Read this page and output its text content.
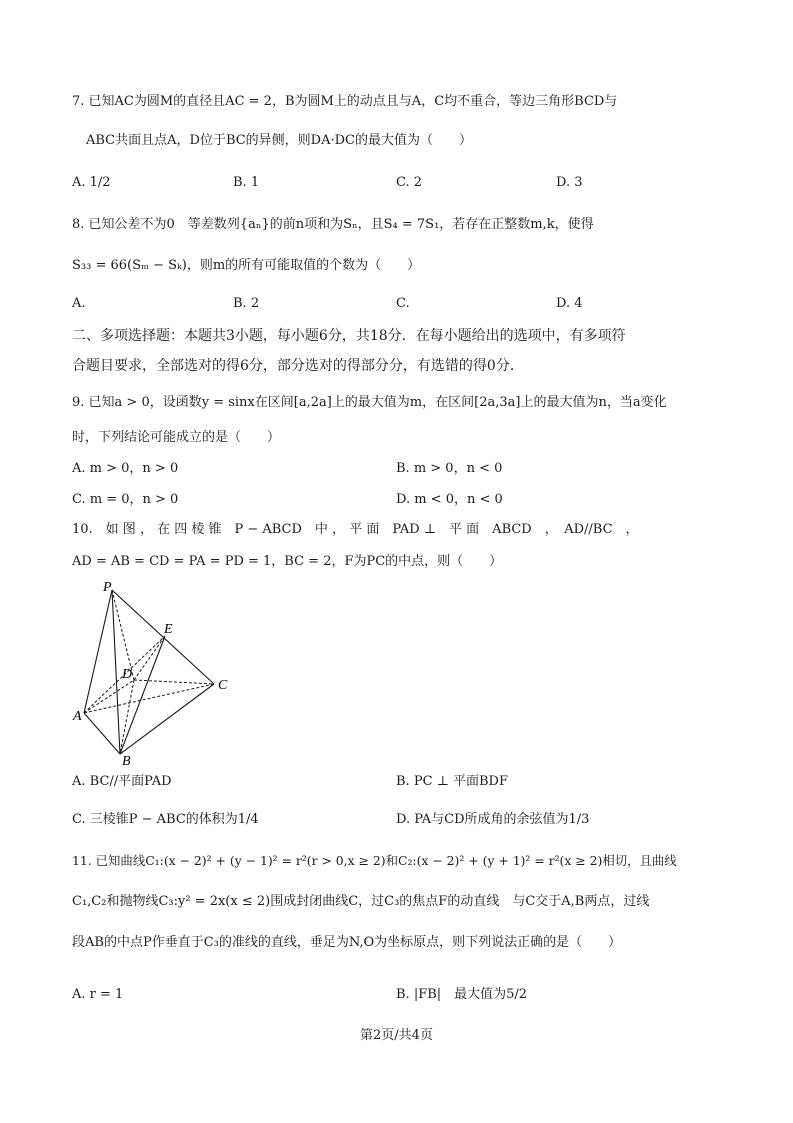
7. 已知AC为圆M的直径且AC = 2，B为圆M上的动点且与A，C均不重合，等边三角形BCD与
ABC共面且点A，D位于BC的异侧，则DA·DC的最大值为（　　）
A. 1/2	B. 1	C. 2	D. 3
8. 已知公差不为0　等差数列{aₙ}的前n项和为Sₙ，且S₄ = 7S₁，若存在正整数m,k，使得
S₃₃ = 66(Sₘ − Sₖ)，则m的所有可能取值的个数为（　　）
A.	B. 2	C.	D. 4
二、多项选择题：本题共3小题，每小题6分，共18分．在每小题给出的选项中，有多项符
合题目要求，全部选对的得6分，部分选对的得部分分，有选错的得0分．
9. 已知a > 0，设函数y = sinx在区间[a,2a]上的最大值为m，在区间[2a,3a]上的最大值为n，当a变化
时，下列结论可能成立的是（　　）
A. m > 0，n > 0	B. m > 0，n < 0
C. m = 0，n > 0	D. m < 0，n < 0
10.　如 图 ， 在 四 棱 锥　P − ABCD　中 ， 平 面　PAD ⊥　平 面　ABCD　，　AD//BC　，
AD = AB = CD = PA = PD = 1，BC = 2，F为PC的中点，则（　　）
P
E
D
C
A
B
A. BC//平面PAD	B. PC ⊥ 平面BDF
C. 三棱锥P − ABC的体积为1/4	D. PA与CD所成角的余弦值为1/3
11. 已知曲线C₁:(x − 2)² + (y − 1)² = r²(r > 0,x ≥ 2)和C₂:(x − 2)² + (y + 1)² = r²(x ≥ 2)相切，且曲线
C₁,C₂和抛物线C₃:y² = 2x(x ≤ 2)围成封闭曲线C，过C₃的焦点F的动直线　与C交于A,B两点，过线
段AB的中点P作垂直于C₃的准线的直线，垂足为N,O为坐标原点，则下列说法正确的是（　　）
A. r = 1	B. |FB|　最大值为5/2
第2页/共4页
